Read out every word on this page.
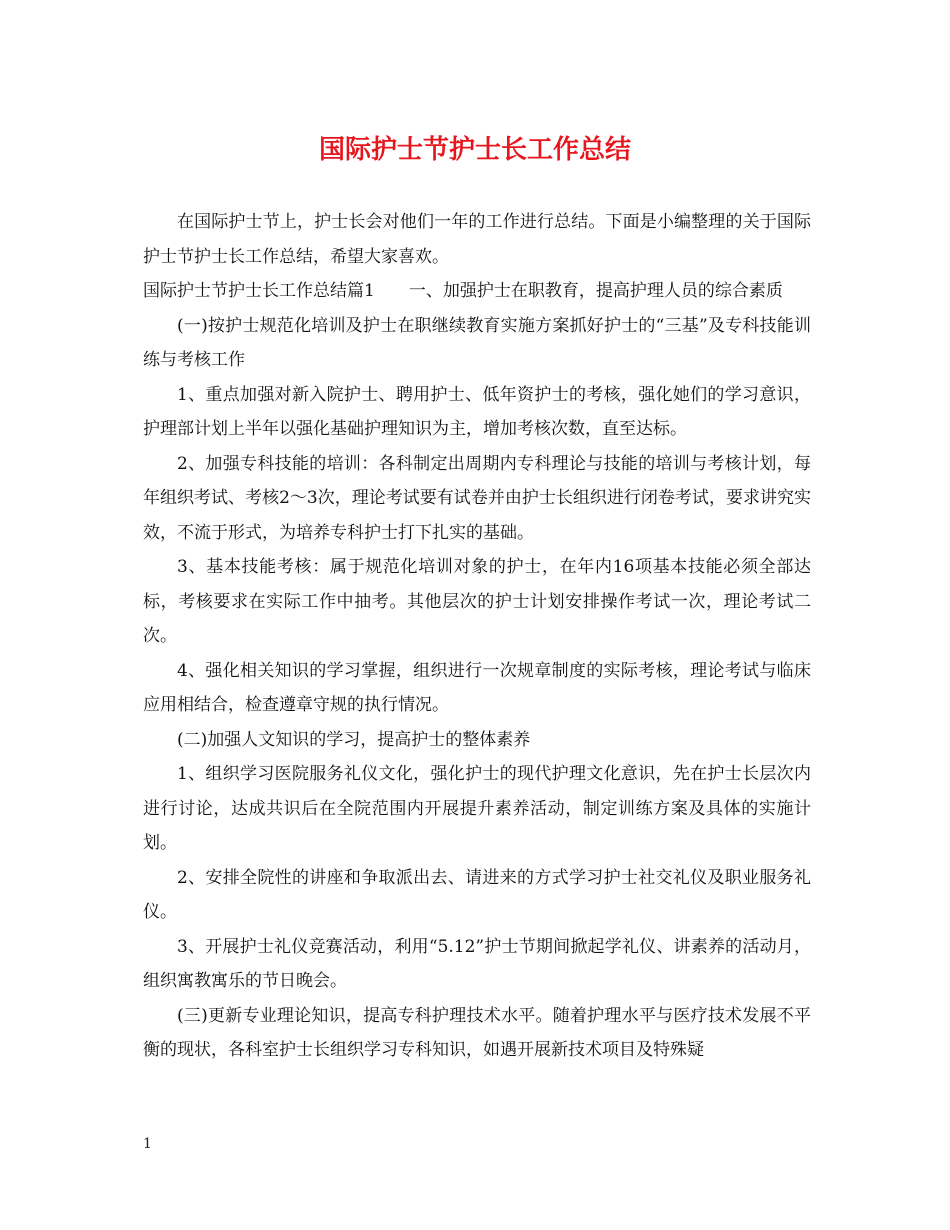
国际护士节护士长工作总结

在国际护士节上，护士长会对他们一年的工作进行总结。下面是小编整理的关于国际护士节护士长工作总结，希望大家喜欢。

国际护士节护士长工作总结篇1 一、加强护士在职教育，提高护理人员的综合素质

(一)按护士规范化培训及护士在职继续教育实施方案抓好护士的“三基”及专科技能训练与考核工作

1、重点加强对新入院护士、聘用护士、低年资护士的考核，强化她们的学习意识，护理部计划上半年以强化基础护理知识为主，增加考核次数，直至达标。

2、加强专科技能的培训：各科制定出周期内专科理论与技能的培训与考核计划，每年组织考试、考核2～3次，理论考试要有试卷并由护士长组织进行闭卷考试，要求讲究实效，不流于形式，为培养专科护士打下扎实的基础。

3、基本技能考核：属于规范化培训对象的护士，在年内16项基本技能必须全部达标，考核要求在实际工作中抽考。其他层次的护士计划安排操作考试一次，理论考试二次。

4、强化相关知识的学习掌握，组织进行一次规章制度的实际考核，理论考试与临床应用相结合，检查遵章守规的执行情况。

(二)加强人文知识的学习，提高护士的整体素养

1、组织学习医院服务礼仪文化，强化护士的现代护理文化意识，先在护士长层次内进行讨论，达成共识后在全院范围内开展提升素养活动，制定训练方案及具体的实施计划。

2、安排全院性的讲座和争取派出去、请进来的方式学习护士社交礼仪及职业服务礼仪。

3、开展护士礼仪竞赛活动，利用“5.12”护士节期间掀起学礼仪、讲素养的活动月，组织寓教寓乐的节日晚会。

(三)更新专业理论知识，提高专科护理技术水平。随着护理水平与医疗技术发展不平衡的现状，各科室护士长组织学习专科知识，如遇开展新技术项目及特殊疑

1
